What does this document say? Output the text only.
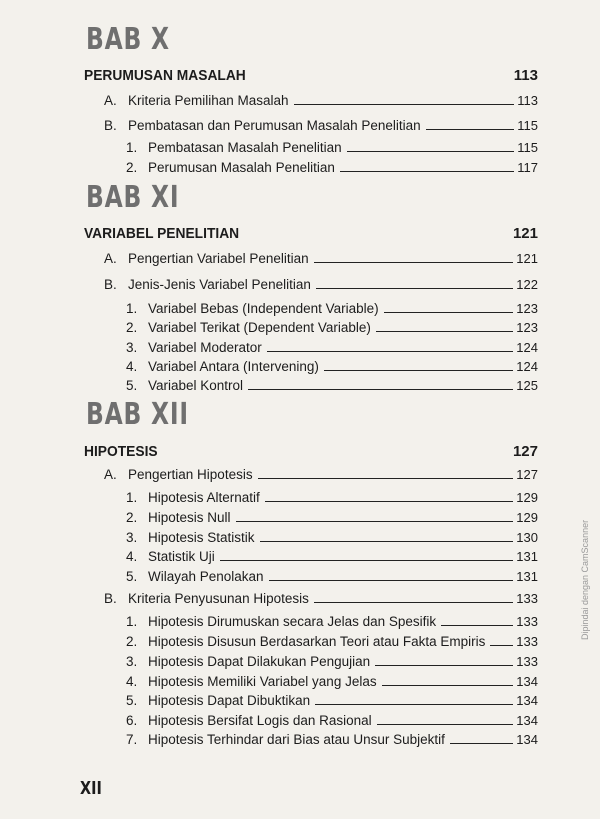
BAB X
PERUMUSAN MASALAH	113
A. Kriteria Pemilihan Masalah	113
B. Pembatasan dan Perumusan Masalah Penelitian	115
1. Pembatasan Masalah Penelitian	115
2. Perumusan Masalah Penelitian	117
BAB XI
VARIABEL PENELITIAN	121
A. Pengertian Variabel Penelitian	121
B. Jenis-Jenis Variabel Penelitian	122
1. Variabel Bebas (Independent Variable)	123
2. Variabel Terikat (Dependent Variable)	123
3. Variabel Moderator	124
4. Variabel Antara (Intervening)	124
5. Variabel Kontrol	125
BAB XII
HIPOTESIS	127
A. Pengertian Hipotesis	127
1. Hipotesis Alternatif	129
2. Hipotesis Null	129
3. Hipotesis Statistik	130
4. Statistik Uji	131
5. Wilayah Penolakan	131
B. Kriteria Penyusunan Hipotesis	133
1. Hipotesis Dirumuskan secara Jelas dan Spesifik	133
2. Hipotesis Disusun Berdasarkan Teori atau Fakta Empiris 133
3. Hipotesis Dapat Dilakukan Pengujian	133
4. Hipotesis Memiliki Variabel yang Jelas	134
5. Hipotesis Dapat Dibuktikan	134
6. Hipotesis Bersifat Logis dan Rasional	134
7. Hipotesis Terhindar dari Bias atau Unsur Subjektif	134
XII
Dipindai dengan CamScanner
